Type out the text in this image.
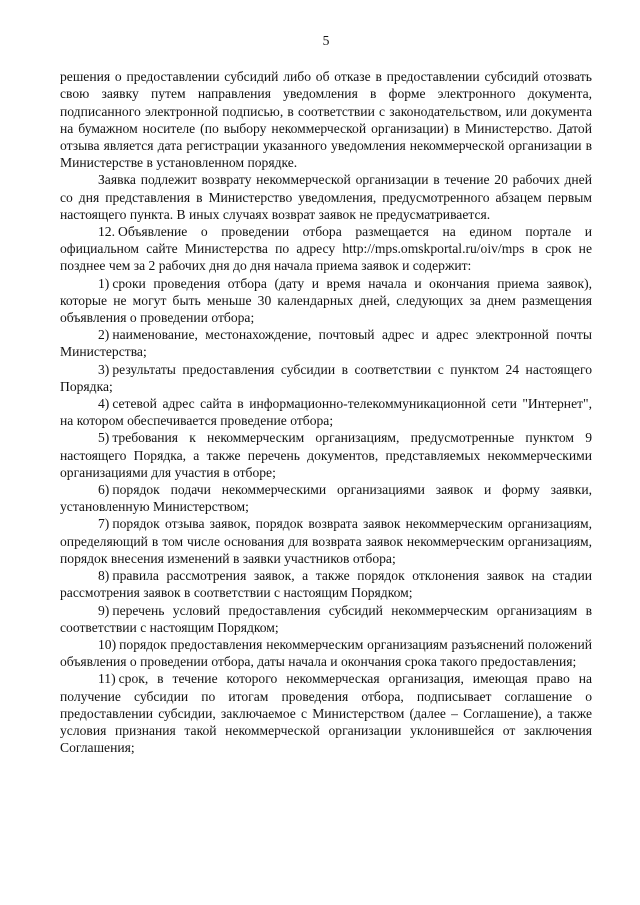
5

решения о предоставлении субсидий либо об отказе в предоставлении субсидий отозвать свою заявку путем направления уведомления в форме электронного документа, подписанного электронной подписью, в соответствии с законодательством, или документа на бумажном носителе (по выбору некоммерческой организации) в Министерство. Датой отзыва является дата регистрации указанного уведомления некоммерческой организации в Министерстве в установленном порядке.

Заявка подлежит возврату некоммерческой организации в течение 20 рабочих дней со дня представления в Министерство уведомления, предусмотренного абзацем первым настоящего пункта. В иных случаях возврат заявок не предусматривается.

12. Объявление о проведении отбора размещается на едином портале и официальном сайте Министерства по адресу http://mps.omskportal.ru/oiv/mps в срок не позднее чем за 2 рабочих дня до дня начала приема заявок и содержит:

1) сроки проведения отбора (дату и время начала и окончания приема заявок), которые не могут быть меньше 30 календарных дней, следующих за днем размещения объявления о проведении отбора;

2) наименование, местонахождение, почтовый адрес и адрес электронной почты Министерства;

3) результаты предоставления субсидии в соответствии с пунктом 24 настоящего Порядка;

4) сетевой адрес сайта в информационно-телекоммуникационной сети "Интернет", на котором обеспечивается проведение отбора;

5) требования к некоммерческим организациям, предусмотренные пунктом 9 настоящего Порядка, а также перечень документов, представляемых некоммерческими организациями для участия в отборе;

6) порядок подачи некоммерческими организациями заявок и форму заявки, установленную Министерством;

7) порядок отзыва заявок, порядок возврата заявок некоммерческим организациям, определяющий в том числе основания для возврата заявок некоммерческим организациям, порядок внесения изменений в заявки участников отбора;

8) правила рассмотрения заявок, а также порядок отклонения заявок на стадии рассмотрения заявок в соответствии с настоящим Порядком;

9) перечень условий предоставления субсидий некоммерческим организациям в соответствии с настоящим Порядком;

10) порядок предоставления некоммерческим организациям разъяснений положений объявления о проведении отбора, даты начала и окончания срока такого предоставления;

11) срок, в течение которого некоммерческая организация, имеющая право на получение субсидии по итогам проведения отбора, подписывает соглашение о предоставлении субсидии, заключаемое с Министерством (далее – Соглашение), а также условия признания такой некоммерческой организации уклонившейся от заключения Соглашения;
